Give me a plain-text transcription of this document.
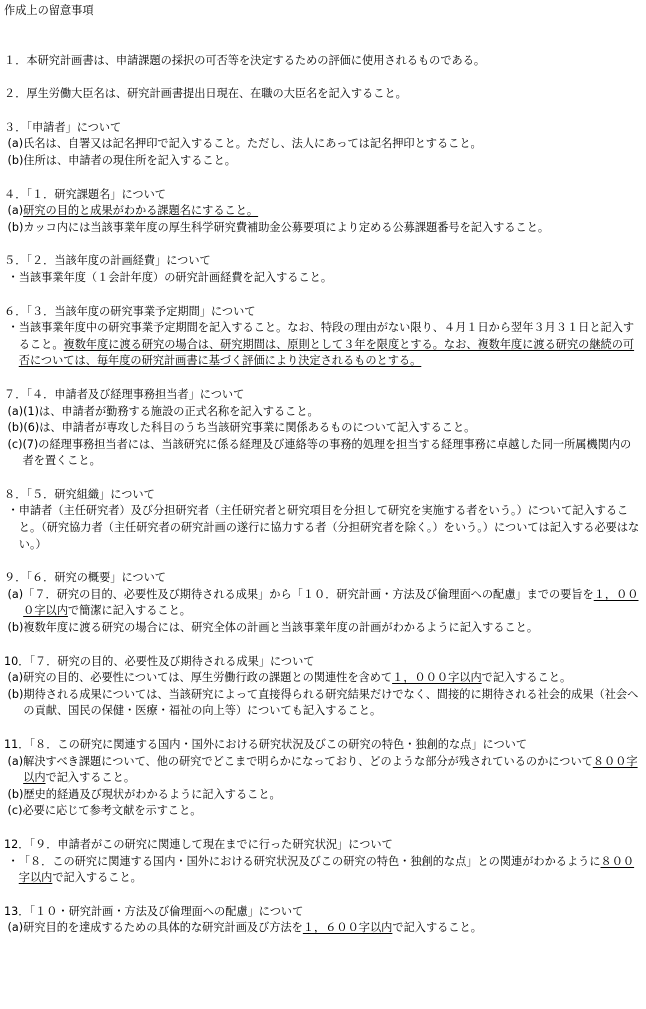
作成上の留意事項
１．本研究計画書は、申請課題の採択の可否等を決定するための評価に使用されるものである。
２．厚生労働大臣名は、研究計画書提出日現在、在職の大臣名を記入すること。
３．「申請者」について
(a) 氏名は、自署又は記名押印で記入すること。ただし、法人にあっては記名押印とすること。
(b) 住所は、申請者の現住所を記入すること。
４．「１．研究課題名」について
(a) 研究の目的と成果がわかる課題名にすること。
(b) カッコ内には当該事業年度の厚生科学研究費補助金公募要項により定める公募課題番号を記入すること。
５．「２．当該年度の計画経費」について
・ 当該事業年度（１会計年度）の研究計画経費を記入すること。
６．「３．当該年度の研究事業予定期間」について
・ 当該事業年度中の研究事業予定期間を記入すること。なお、特段の理由がない限り、４月１日から翌年３月３１日と記入すること。複数年度に渡る研究の場合は、研究期間は、原則として３年を限度とする。なお、複数年度に渡る研究の継続の可否については、毎年度の研究計画書に基づく評価により決定されるものとする。
７．「４．申請者及び経理事務担当者」について
(a) (1)は、申請者が勤務する施設の正式名称を記入すること。
(b) (6)は、申請者が専攻した科目のうち当該研究事業に関係あるものについて記入すること。
(c) (7)の経理事務担当者には、当該研究に係る経理及び連絡等の事務的処理を担当する経理事務に卓越した同一所属機関内の者を置くこと。
８．「５．研究組織」について
・ 申請者（主任研究者）及び分担研究者（主任研究者と研究項目を分担して研究を実施する者をいう。）について記入すること。（研究協力者（主任研究者の研究計画の遂行に協力する者（分担研究者を除く。）をいう。）については記入する必要はない。）
９．「６．研究の概要」について
(a) 「７．研究の目的、必要性及び期待される成果」から「１０．研究計画・方法及び倫理面への配慮」までの要旨を１，０００字以内で簡潔に記入すること。
(b) 複数年度に渡る研究の場合には、研究全体の計画と当該事業年度の計画がわかるように記入すること。
10．「７．研究の目的、必要性及び期待される成果」について
(a) 研究の目的、必要性については、厚生労働行政の課題との関連性を含めて１，０００字以内で記入すること。
(b) 期待される成果については、当該研究によって直接得られる研究結果だけでなく、間接的に期待される社会的成果（社会への貢献、国民の保健・医療・福祉の向上等）についても記入すること。
11．「８．この研究に関連する国内・国外における研究状況及びこの研究の特色・独創的な点」について
(a) 解決すべき課題について、他の研究でどこまで明らかになっており、どのような部分が残されているのかについて８００字以内で記入すること。
(b) 歴史的経過及び現状がわかるように記入すること。
(c) 必要に応じて参考文献を示すこと。
12．「９．申請者がこの研究に関連して現在までに行った研究状況」について
・ 「８．この研究に関連する国内・国外における研究状況及びこの研究の特色・独創的な点」との関連がわかるように８００字以内で記入すること。
13．「１０・研究計画・方法及び倫理面への配慮」について
(a) 研究目的を達成するための具体的な研究計画及び方法を１，６００字以内で記入すること。
